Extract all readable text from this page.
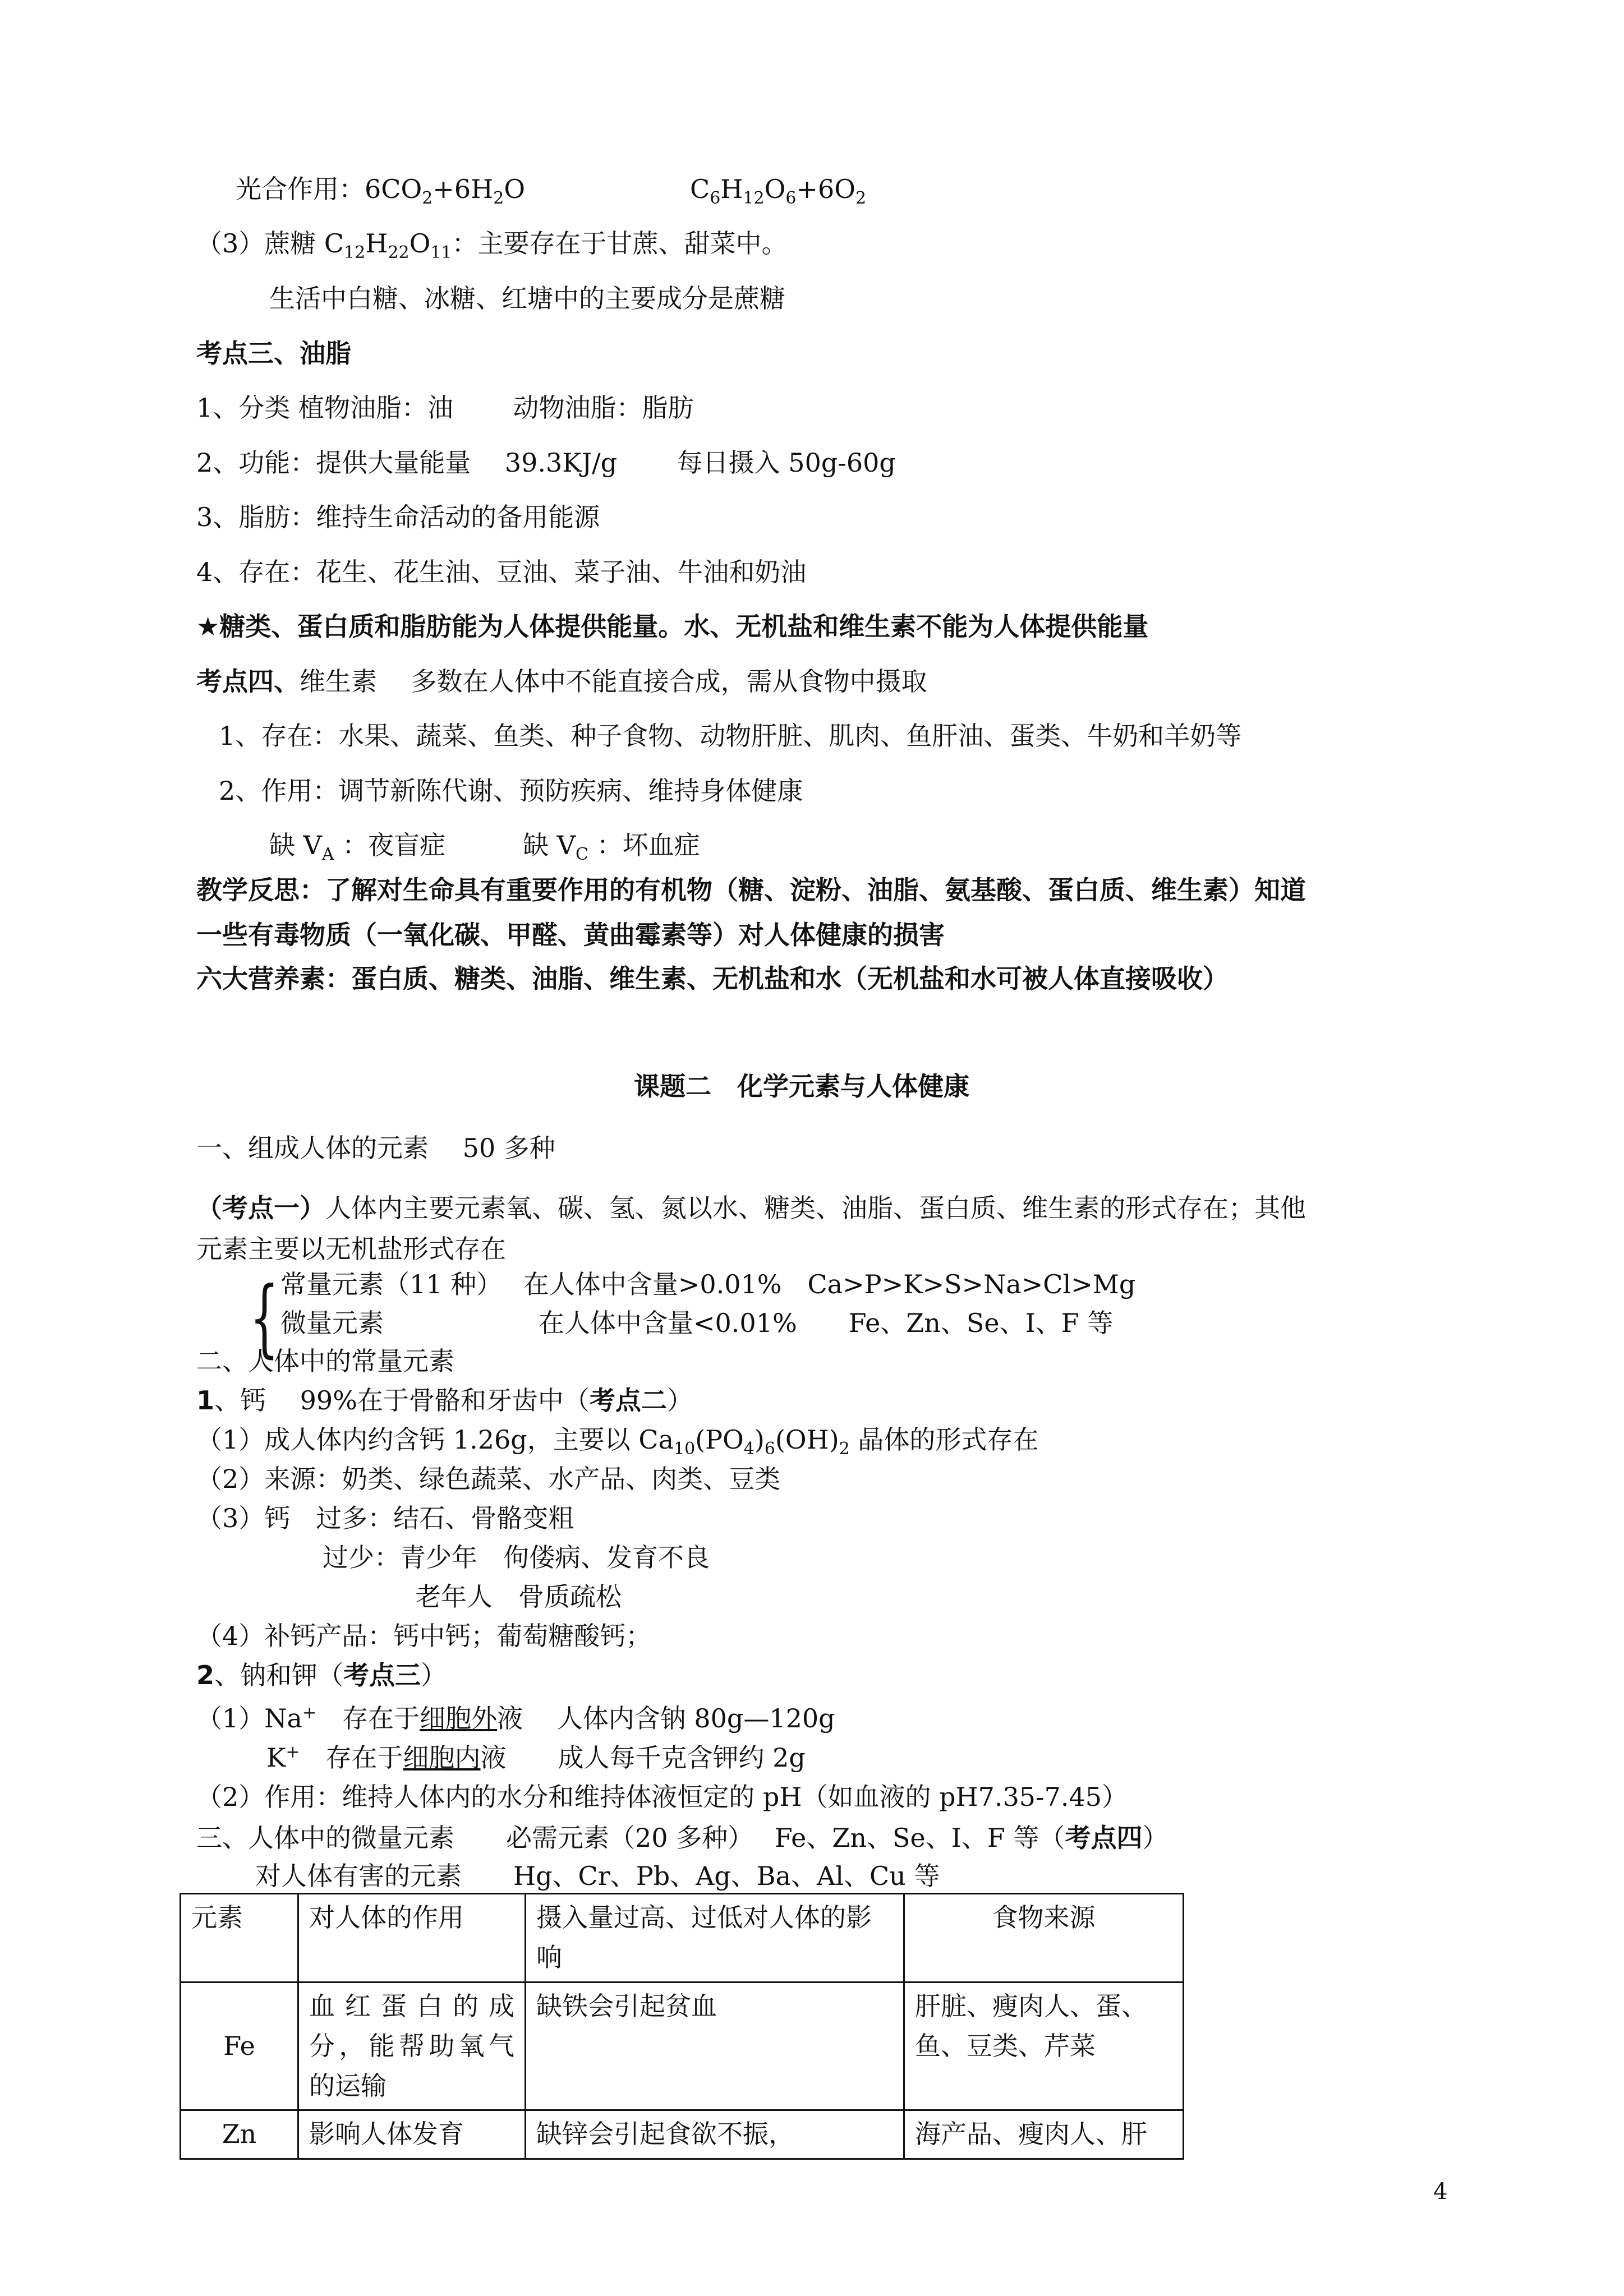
光合作用：$6CO_2+6H_2O$	$C_6H_{12}O_6+6O_2$
（3）蔗糖 $C_{12}H_{22}O_{11}$：主要存在于甘蔗、甜菜中。
生活中白糖、冰糖、红塘中的主要成分是蔗糖
考点三、油脂
1、分类 植物油脂：油　　 动物油脂：脂肪
2、功能：提供大量能量　 39.3KJ/g　　 每日摄入 50g-60g
3、脂肪：维持生命活动的备用能源
4、存在：花生、花生油、豆油、菜子油、牛油和奶油
★糖类、蛋白质和脂肪能为人体提供能量。水、无机盐和维生素不能为人体提供能量
考点四、维生素　 多数在人体中不能直接合成，需从食物中摄取
1、存在：水果、蔬菜、鱼类、种子食物、动物肝脏、肌肉、鱼肝油、蛋类、牛奶和羊奶等
2、作用：调节新陈代谢、预防疾病、维持身体健康
缺 $V_A$ ：夜盲症　　　缺 $V_C$ ：坏血症
教学反思：了解对生命具有重要作用的有机物（糖、淀粉、油脂、氨基酸、蛋白质、维生素）知道
一些有毒物质（一氧化碳、甲醛、黄曲霉素等）对人体健康的损害
六大营养素：蛋白质、糖类、油脂、维生素、无机盐和水（无机盐和水可被人体直接吸收）
课题二　化学元素与人体健康
一、组成人体的元素　 50 多种
（考点一）人体内主要元素氧、碳、氢、氮以水、糖类、油脂、蛋白质、维生素的形式存在；其他
元素主要以无机盐形式存在
{ 常量元素（11 种）　 在人体中含量>0.01%　Ca>P>K>S>Na>Cl>Mg
微量元素　　　　　　在人体中含量<0.01%　　Fe、Zn、Se、I、F 等
二、人体中的常量元素
1、钙　 99%在于骨骼和牙齿中（考点二）
（1）成人体内约含钙 1.26g，主要以 $Ca_{10}(PO_4)_6(OH)_2$ 晶体的形式存在
（2）来源：奶类、绿色蔬菜、水产品、肉类、豆类
（3）钙　过多：结石、骨骼变粗
过少：青少年　佝偻病、发育不良
老年人　骨质疏松
（4）补钙产品：钙中钙；葡萄糖酸钙；
2、钠和钾（考点三）
（1）Na+　存在于细胞外液　 人体内含钠 80g—120g
K+　存在于细胞内液　　成人每千克含钾约 2g
（2）作用：维持人体内的水分和维持体液恒定的 pH（如血液的 pH7.35-7.45）
三、人体中的微量元素　　必需元素（20 多种）　 Fe、Zn、Se、I、F 等（考点四）
对人体有害的元素　　Hg、Cr、Pb、Ag、Ba、Al、Cu 等
元素	对人体的作用	摄入量过高、过低对人体的影响	食物来源
Fe	血红蛋白的成分，能帮助氧气的运输	缺铁会引起贫血	肝脏、瘦肉人、蛋、鱼、豆类、芹菜
Zn	影响人体发育	缺锌会引起食欲不振，	海产品、瘦肉人、肝
4
